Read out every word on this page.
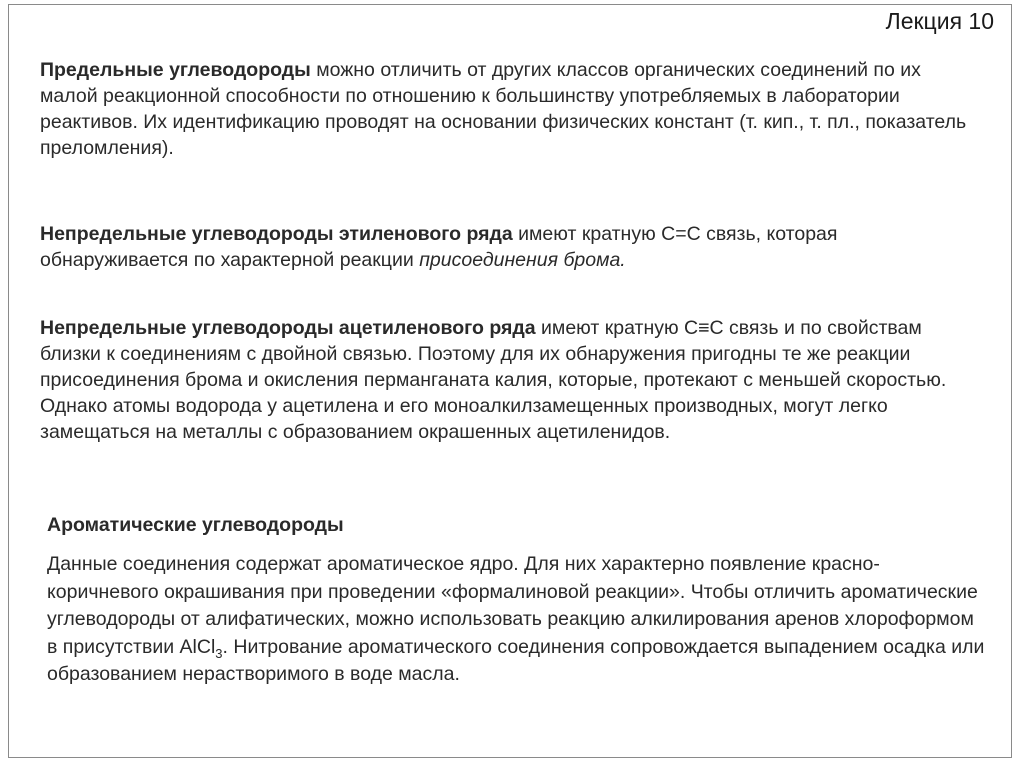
Лекция 10

Предельные углеводороды можно отличить от других классов органических соединений по их малой реакционной способности по отношению к большинству употребляемых в лаборатории реактивов. Их идентификацию проводят на основании физических констант (т. кип., т. пл., показатель преломления).

Непредельные углеводороды этиленового ряда имеют кратную С=С связь, которая обнаруживается по характерной реакции присоединения брома.

Непредельные углеводороды ацетиленового ряда имеют кратную С≡С связь и по свойствам близки к соединениям с двойной связью. Поэтому для их обнаружения пригодны те же реакции присоединения брома и окисления перманганата калия, которые, протекают с меньшей скоростью. Однако атомы водорода у ацетилена и его моноалкилзамещенных производных, могут легко замещаться на металлы с образованием окрашенных ацетиленидов.

Ароматические углеводороды

Данные соединения содержат ароматическое ядро. Для них характерно появление красно-коричневого окрашивания при проведении «формалиновой реакции». Чтобы отличить ароматические углеводороды от алифатических, можно использовать реакцию алкилирования аренов хлороформом в присутствии AlCl$_3$. Нитрование ароматического соединения сопровождается выпадением осадка или образованием нерастворимого в воде масла.
